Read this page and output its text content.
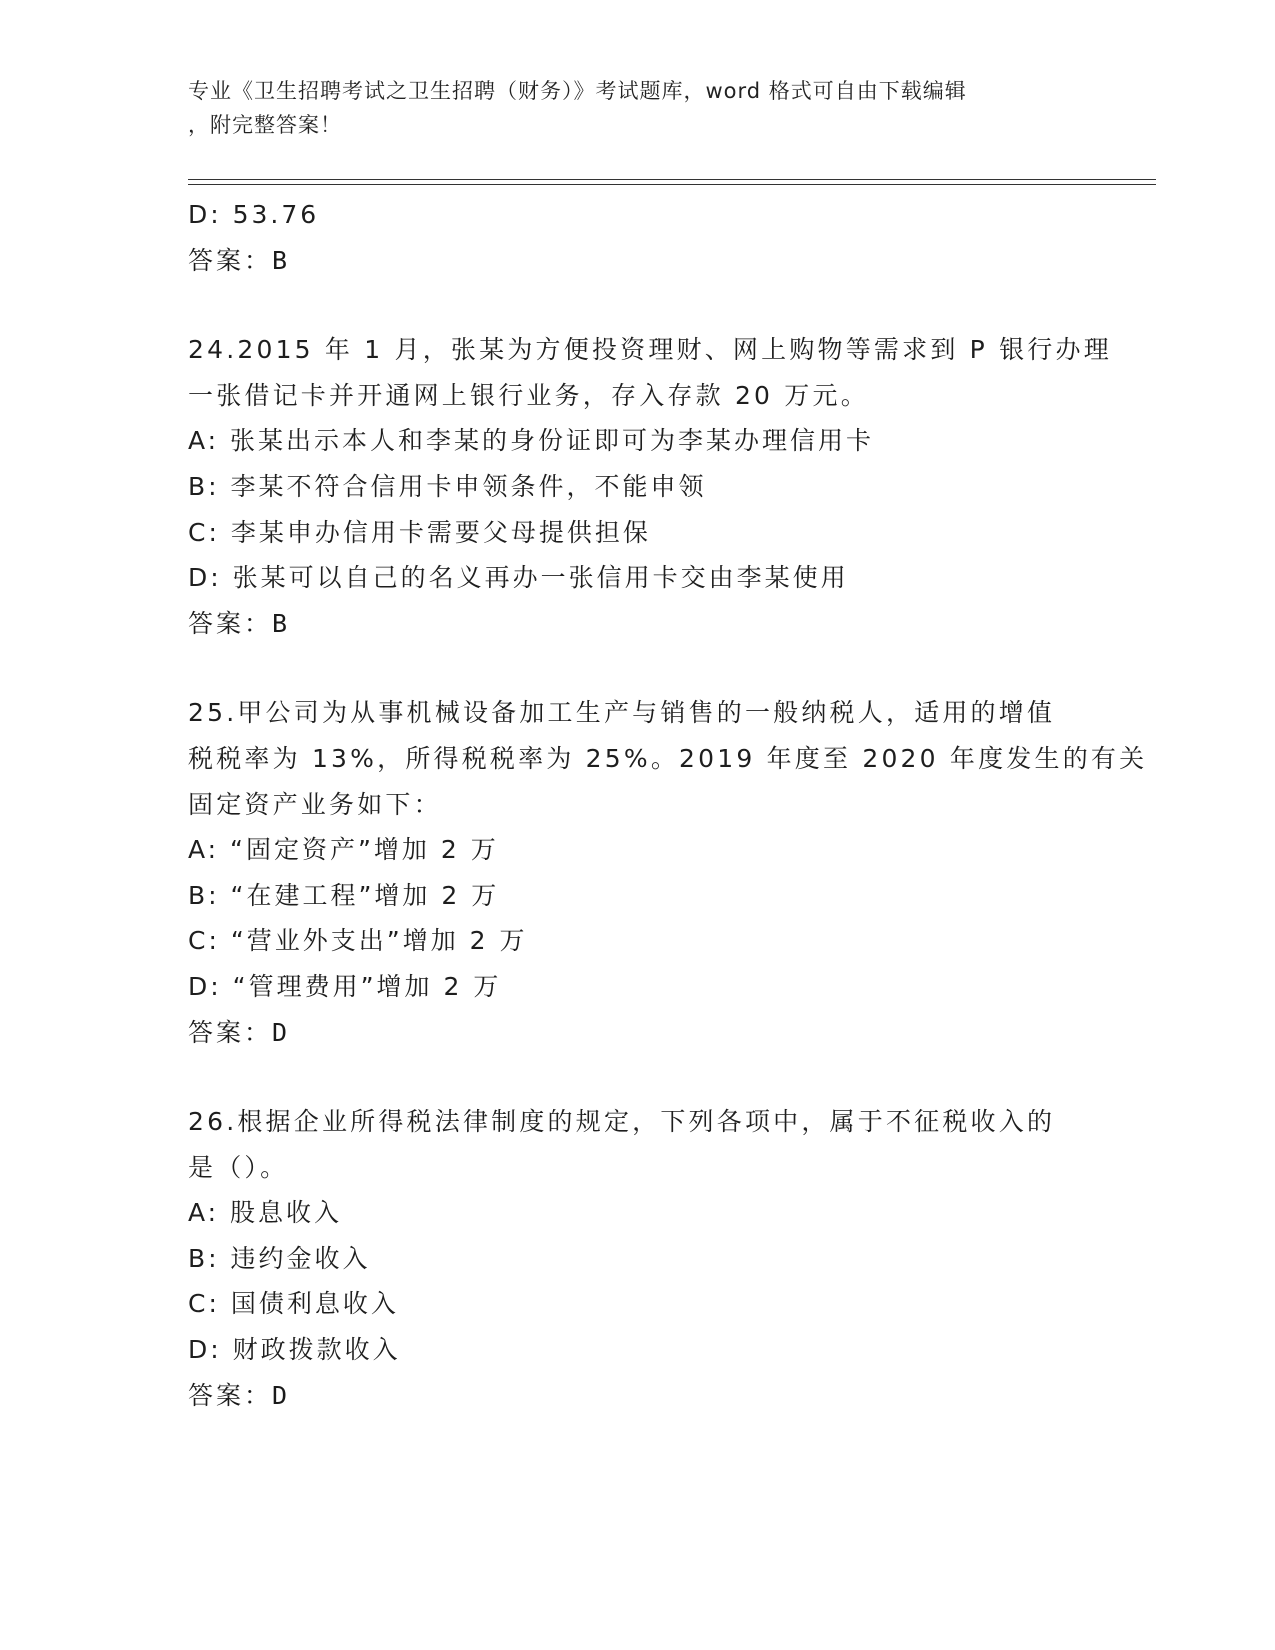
专业《卫生招聘考试之卫生招聘（财务）》考试题库，word 格式可自由下载编辑
，附完整答案！
D: 53.76
答案：B
24.2015 年 1 月，张某为方便投资理财、网上购物等需求到 P 银行办理
一张借记卡并开通网上银行业务，存入存款 20 万元。
A: 张某出示本人和李某的身份证即可为李某办理信用卡
B: 李某不符合信用卡申领条件，不能申领
C: 李某申办信用卡需要父母提供担保
D: 张某可以自己的名义再办一张信用卡交由李某使用
答案：B
25.甲公司为从事机械设备加工生产与销售的一般纳税人，适用的增值
税税率为 13%，所得税税率为 25%。2019 年度至 2020 年度发生的有关
固定资产业务如下：
A: “固定资产”增加 2 万
B: “在建工程”增加 2 万
C: “营业外支出”增加 2 万
D: “管理费用”增加 2 万
答案：D
26.根据企业所得税法律制度的规定，下列各项中，属于不征税收入的
是（）。
A: 股息收入
B: 违约金收入
C: 国债利息收入
D: 财政拨款收入
答案：D
